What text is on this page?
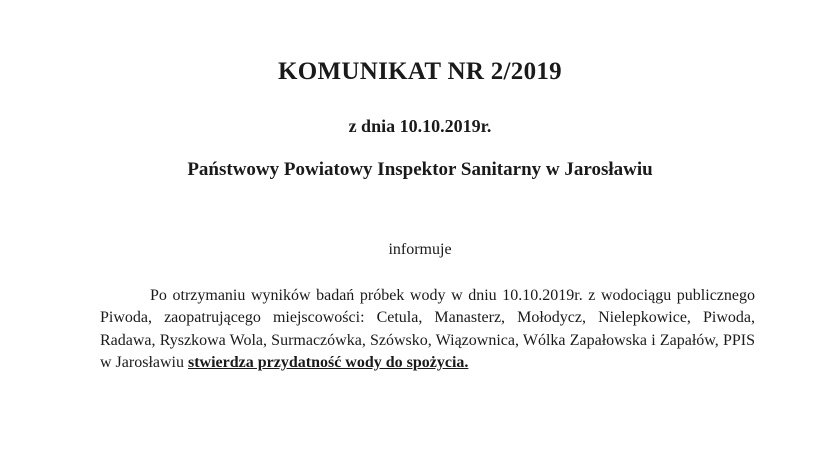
KOMUNIKAT NR 2/2019

z dnia 10.10.2019r.

Państwowy Powiatowy Inspektor Sanitarny w Jarosławiu

informuje

Po otrzymaniu wyników badań próbek wody w dniu 10.10.2019r. z wodociągu publicznego Piwoda, zaopatrującego miejscowości: Cetula, Manasterz, Mołodycz, Nielepkowice, Piwoda, Radawa, Ryszkowa Wola, Surmaczówka, Szówsko, Wiązownica, Wólka Zapałowska i Zapałów, PPIS w Jarosławiu stwierdza przydatność wody do spożycia.
